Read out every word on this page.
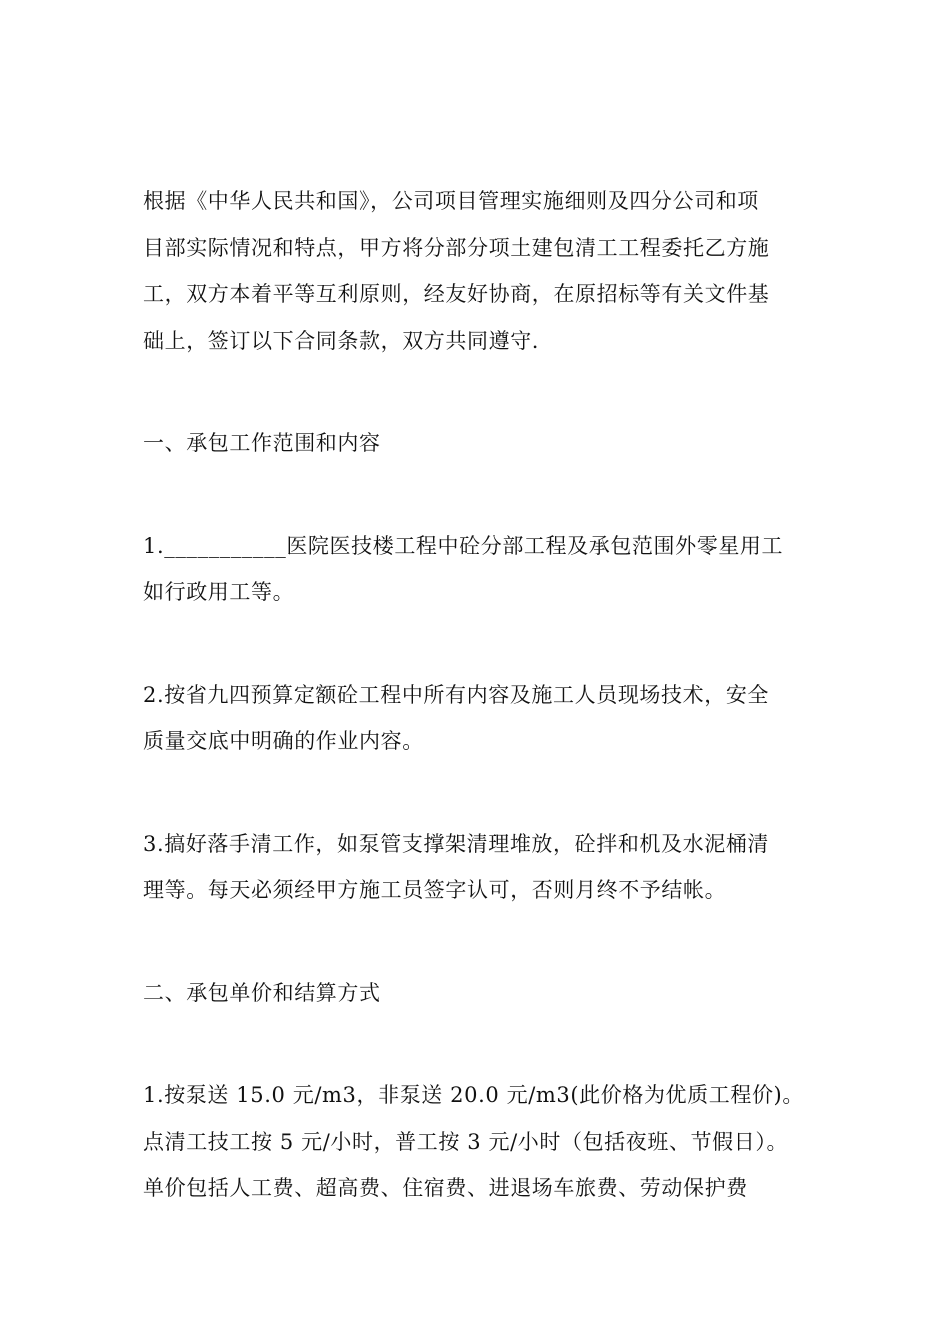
根据《中华人民共和国》，公司项目管理实施细则及四分公司和项
目部实际情况和特点，甲方将分部分项土建包清工工程委托乙方施
工，双方本着平等互利原则，经友好协商，在原招标等有关文件基
础上，签订以下合同条款，双方共同遵守.
一、承包工作范围和内容
1.___________医院医技楼工程中砼分部工程及承包范围外零星用工
如行政用工等。
2.按省九四预算定额砼工程中所有内容及施工人员现场技术，安全
质量交底中明确的作业内容。
3.搞好落手清工作，如泵管支撑架清理堆放，砼拌和机及水泥桶清
理等。每天必须经甲方施工员签字认可，否则月终不予结帐。
二、承包单价和结算方式
1.按泵送 15.0 元/m3，非泵送 20.0 元/m3(此价格为优质工程价)。
点清工技工按 5 元/小时，普工按 3 元/小时（包括夜班、节假日）。
单价包括人工费、超高费、住宿费、进退场车旅费、劳动保护费
